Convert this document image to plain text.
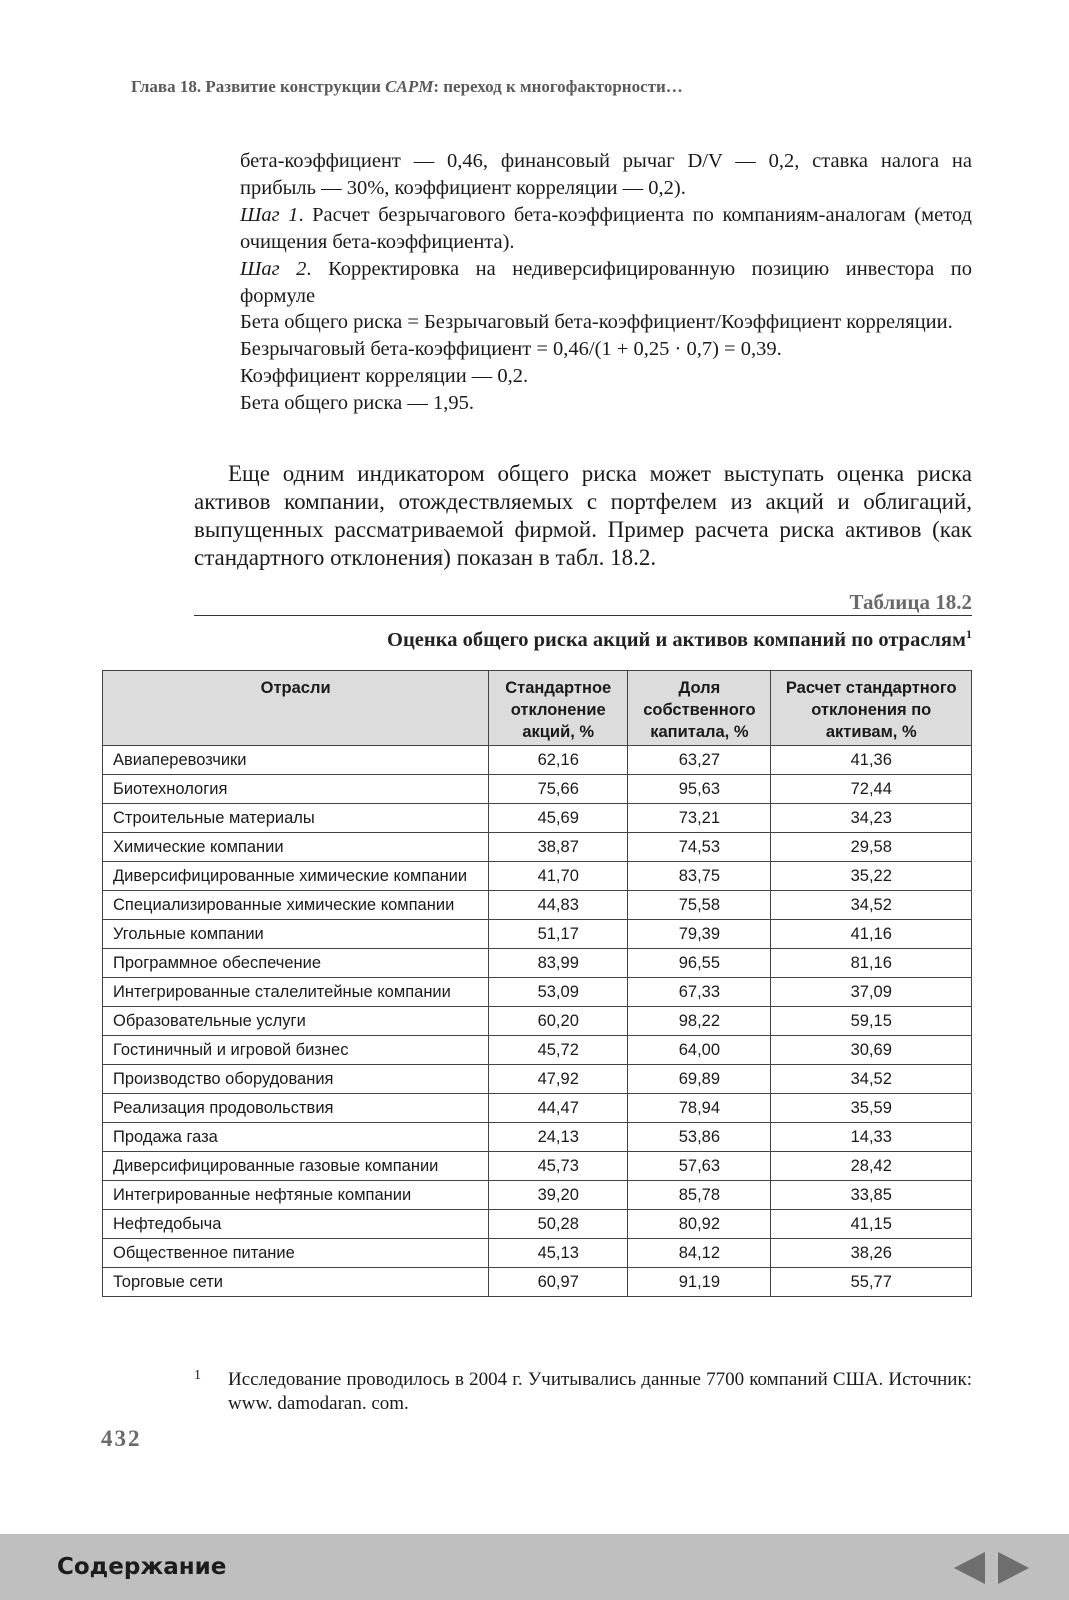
Глава 18. Развитие конструкции CAPM: переход к многофакторности…

бета-коэффициент — 0,46, финансовый рычаг D/V — 0,2, ставка налога на прибыль — 30%, коэффициент корреляции — 0,2).

Шаг 1. Расчет безрычагового бета-коэффициента по компаниям-аналогам (метод очищения бета-коэффициента).

Шаг 2. Корректировка на недиверсифицированную позицию инвестора по формуле

Бета общего риска = Безрычаговый бета-коэффициент/Коэффициент корреляции.

Безрычаговый бета-коэффициент = 0,46/(1 + 0,25 · 0,7) = 0,39.

Коэффициент корреляции — 0,2.

Бета общего риска — 1,95.

Еще одним индикатором общего риска может выступать оценка риска активов компании, отождествляемых с портфелем из акций и облигаций, выпущенных рассматриваемой фирмой. Пример расчета риска активов (как стандартного отклонения) показан в табл. 18.2.

Таблица 18.2
Оценка общего риска акций и активов компаний по отраслям$^1$
Отрасли	Стандартное отклонение акций, %	Доля собственного капитала, %	Расчет стандартного отклонения по активам, %
Авиаперевозчики	62,16	63,27	41,36
Биотехнология	75,66	95,63	72,44
Строительные материалы	45,69	73,21	34,23
Химические компании	38,87	74,53	29,58
Диверсифицированные химические компании	41,70	83,75	35,22
Специализированные химические компании	44,83	75,58	34,52
Угольные компании	51,17	79,39	41,16
Программное обеспечение	83,99	96,55	81,16
Интегрированные сталелитейные компании	53,09	67,33	37,09
Образовательные услуги	60,20	98,22	59,15
Гостиничный и игровой бизнес	45,72	64,00	30,69
Производство оборудования	47,92	69,89	34,52
Реализация продовольствия	44,47	78,94	35,59
Продажа газа	24,13	53,86	14,33
Диверсифицированные газовые компании	45,73	57,63	28,42
Интегрированные нефтяные компании	39,20	85,78	33,85
Нефтедобыча	50,28	80,92	41,15
Общественное питание	45,13	84,12	38,26
Торговые сети	60,97	91,19	55,77
1 Исследование проводилось в 2004 г. Учитывались данные 7700 компаний США. Источник: www. damodaran. com.
432
Содержание
